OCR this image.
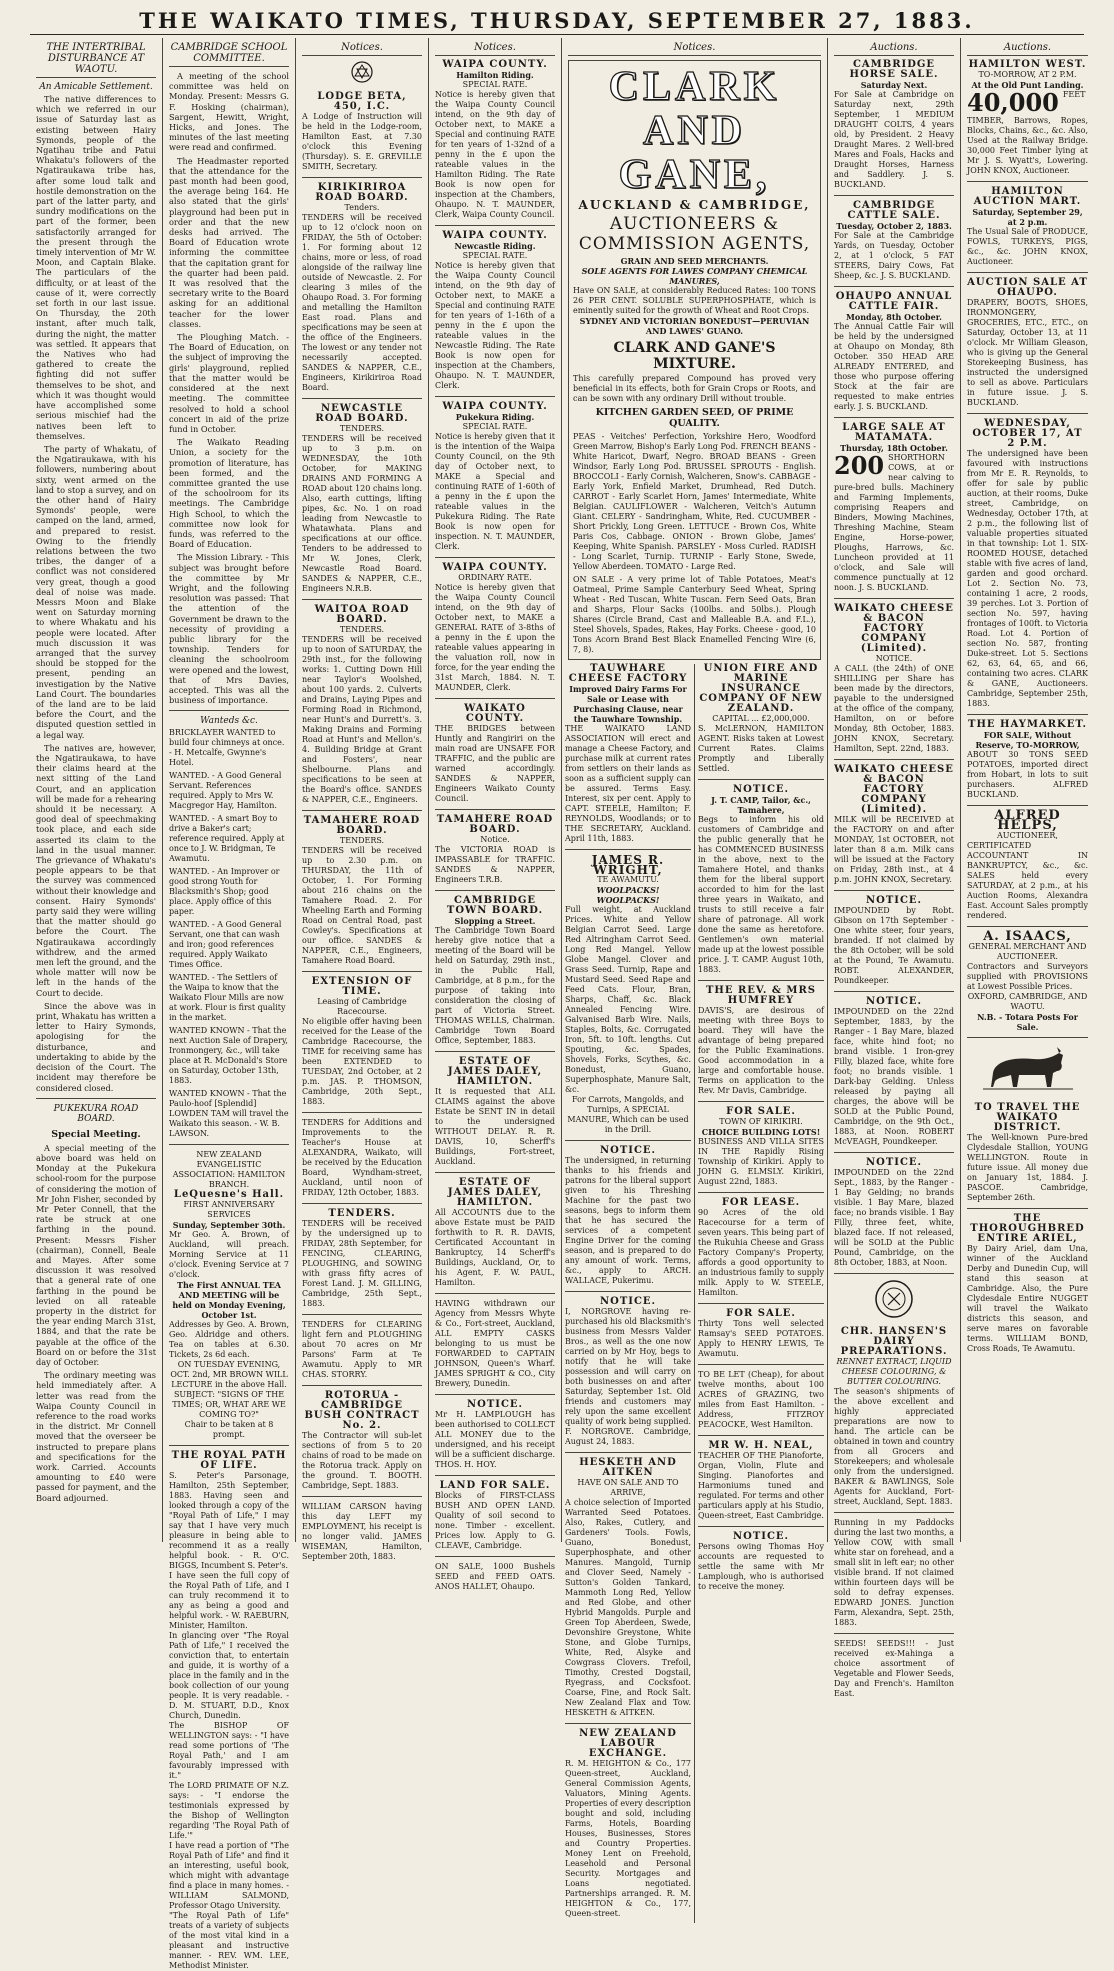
THE WAIKATO TIMES, THURSDAY, SEPTEMBER 27, 1883.
THE INTERTRIBAL DISTURBANCE AT WAOTU.
An Amicable Settlement.

The native differences to which we referred in our issue of Saturday last as existing between Hairy Symonds, people of the Ngatihau tribe and Patui Whakatu's followers of the Ngatiraukawa tribe has, after some loud talk and hostile demonstration on the part of the latter party, and sundry modifications on the part of the former, been satisfactorily arranged for the present through the timely intervention of Mr W. Moon, and Captain Blake. The particulars of the difficulty, or at least of the cause of it, were correctly set forth in our last issue. On Thursday, the 20th instant, after much talk, during the night, the matter was settled. It appears that the Natives who had gathered to create the fighting did not suffer themselves to be shot, and which it was thought would have accomplished some serious mischief had the natives been left to themselves.

The party of Whakatu, of the Ngatiraukawa, with his followers, numbering about sixty, went armed on the land to stop a survey, and on the other hand of Hairy Symonds' people, were camped on the land, armed, and prepared to resist. Owing to the friendly relations between the two tribes, the danger of a conflict was not considered very great, though a good deal of noise was made. Messrs Moon and Blake went on Saturday morning to where Whakatu and his people were located. After much discussion it was arranged that the survey should be stopped for the present, pending an investigation by the Native Land Court. The boundaries of the land are to be laid before the Court, and the disputed question settled in a legal way.

The natives are, however, the Ngatiraukawa, to have their claims heard at the next sitting of the Land Court, and an application will be made for a rehearing should it be necessary. A good deal of speechmaking took place, and each side asserted its claim to the land in the usual manner. The grievance of Whakatu's people appears to be that the survey was commenced without their knowledge and consent. Hairy Symonds' party said they were willing that the matter should go before the Court. The Ngatiraukawa accordingly withdrew, and the armed men left the ground, and the whole matter will now be left in the hands of the Court to decide.

Since the above was in print, Whakatu has written a letter to Hairy Symonds, apologising for the disturbance, and undertaking to abide by the decision of the Court. The incident may therefore be considered closed.

PUKEKURA ROAD BOARD.
Special Meeting.

A special meeting of the above board was held on Monday at the Pukekura school-room for the purpose of considering the motion of Mr John Fisher, seconded by Mr Peter Connell, that the rate be struck at one farthing in the pound. Present: Messrs Fisher (chairman), Connell, Beale and Mayes. After some discussion it was resolved that a general rate of one farthing in the pound be levied on all rateable property in the district for the year ending March 31st, 1884, and that the rate be payable at the office of the Board on or before the 31st day of October.

The ordinary meeting was held immediately after. A letter was read from the Waipa County Council in reference to the road works in the district. Mr Connell moved that the overseer be instructed to prepare plans and specifications for the work. Carried. Accounts amounting to £40 were passed for payment, and the Board adjourned.

CAMBRIDGE SCHOOL COMMITTEE.

A meeting of the school committee was held on Monday. Present: Messrs G. F. Hosking (chairman), Sargent, Hewitt, Wright, Hicks, and Jones. The minutes of the last meeting were read and confirmed.

The Headmaster reported that the attendance for the past month had been good, the average being 164. He also stated that the girls' playground had been put in order and that the new desks had arrived. The Board of Education wrote informing the committee that the capitation grant for the quarter had been paid. It was resolved that the secretary write to the Board asking for an additional teacher for the lower classes.

The Ploughing Match. - The Board of Education, on the subject of improving the girls' playground, replied that the matter would be considered at the next meeting. The committee resolved to hold a school concert in aid of the prize fund in October.

The Waikato Reading Union, a society for the promotion of literature, has been formed, and the committee granted the use of the schoolroom for its meetings. The Cambridge High School, to which the committee now look for funds, was referred to the Board of Education.

The Mission Library. - This subject was brought before the committee by Mr Wright, and the following resolution was passed: That the attention of the Government be drawn to the necessity of providing a public library for the township. Tenders for cleaning the schoolroom were opened and the lowest, that of Mrs Davies, accepted. This was all the business of importance.

Wanteds &c.

BRICKLAYER WANTED to build four chimneys at once. - H. Metcalfe, Gwynne's Hotel.

WANTED. - A Good General Servant. References required. Apply to Mrs W. Macgregor Hay, Hamilton.

WANTED. - A smart Boy to drive a Baker's cart; reference required. Apply at once to J. W. Bridgman, Te Awamutu.

WANTED. - An Improver or good strong Youth for Blacksmith's Shop; good place. Apply office of this paper.

WANTED. - A Good General Servant, one that can wash and iron; good references required. Apply Waikato Times Office.

WANTED. - The Settlers of the Waipa to know that the Waikato Flour Mills are now at work. Flour is first quality in the market.

WANTED KNOWN - That the next Auction Sale of Drapery, Ironmongery, &c., will take place at R. McDonald's Store on Saturday, October 13th, 1883.

WANTED KNOWN - That the Paulo-hoof [Splendid] LOWDEN TAM will travel the Waikato this season. - W. B. LAWSON.

NEW ZEALAND EVANGELISTIC ASSOCIATION: HAMILTON BRANCH.
LeQuesne's Hall.
FIRST ANNIVERSARY SERVICES
Sunday, September 30th.
Mr Geo. A. Brown, of Auckland, will preach. Morning Service at 11 o'clock. Evening Service at 7 o'clock.
The First ANNUAL TEA AND MEETING will be held on Monday Evening, October 1st.
Addresses by Geo. A. Brown, Geo. Aldridge and others. Tea on tables at 6.30. Tickets, 2s 6d each.
ON TUESDAY EVENING, OCT. 2nd, MR BROWN WILL LECTURE in the above Hall.
SUBJECT: "SIGNS OF THE TIMES; OR, WHAT ARE WE COMING TO?"
Chair to be taken at 8 prompt.
THE ROYAL PATH OF LIFE.
S. Peter's Parsonage, Hamilton, 25th September, 1883. Having seen and looked through a copy of the "Royal Path of Life," I may say that I have very much pleasure in being able to recommend it as a really helpful book. - R. O'C. BIGGS, Incumbent S. Peter's.
I have seen the full copy of the Royal Path of Life, and I can truly recommend it to any as being a good and helpful work. - W. RAEBURN, Minister, Hamilton.
In glancing over "The Royal Path of Life," I received the conviction that, to entertain and guide, it is worthy of a place in the family and in the book collection of our young people. It is very readable. - D. M. STUART, D.D., Knox Church, Dunedin.
The BISHOP OF WELLINGTON says: - "I have read some portions of 'The Royal Path,' and I am favourably impressed with it."
The LORD PRIMATE OF N.Z. says: - "I endorse the testimonials expressed by the Bishop of Wellington regarding 'The Royal Path of Life.'"
I have read a portion of "The Royal Path of Life" and find it an interesting, useful book, which might with advantage find a place in many homes. - WILLIAM SALMOND, Professor Otago University.
"The Royal Path of Life" treats of a variety of subjects of the most vital kind in a pleasant and instructive manner. - REV. WM. LEE, Methodist Minister.
Notices.
LODGE BETA, 450, I.C.
A Lodge of Instruction will be held in the Lodge-room, Hamilton East, at 7.30 o'clock this Evening (Thursday). S. E. GREVILLE SMITH, Secretary.
KIRIKIRIROA ROAD BOARD.
Tenders.
TENDERS will be received up to 12 o'clock noon on FRIDAY, the 5th of October: 1. For forming about 12 chains, more or less, of road alongside of the railway line outside of Newcastle. 2. For clearing 3 miles of the Ohaupo Road. 3. For forming and metalling the Hamilton East road. Plans and specifications may be seen at the office of the Engineers. The lowest or any tender not necessarily accepted. SANDES & NAPPER, C.E., Engineers, Kirikiriroa Road Board.
NEWCASTLE ROAD BOARD.
TENDERS.
TENDERS will be received up to 3 p.m. on WEDNESDAY, the 10th October, for MAKING DRAINS AND FORMING A ROAD about 120 chains long. Also, earth cuttings, lifting pipes, &c. No. 1 on road leading from Newcastle to Whatawhata. Plans and specifications at our office. Tenders to be addressed to Mr W. Jones, Clerk, Newcastle Road Board. SANDES & NAPPER, C.E., Engineers N.R.B.
WAITOA ROAD BOARD.
TENDERS.
TENDERS will be received up to noon of SATURDAY, the 29th inst., for the following works: 1. Cutting Down Hill near Taylor's Woolshed, about 100 yards. 2. Culverts and Drains, Laying Pipes and Forming Road in Richmond, near Hunt's and Durrett's. 3. Making Drains and Forming Road at Hunt's and Mellon's. 4. Building Bridge at Grant and Fosters', near Shelbourne. Plans and specifications to be seen at the Board's office. SANDES & NAPPER, C.E., Engineers.
TAMAHERE ROAD BOARD.
TENDERS.
TENDERS will be received up to 2.30 p.m. on THURSDAY, the 11th of October, 1. For Forming about 216 chains on the Tamahere Road. 2. For Wheeling Earth and Forming Road on Central Road, past Cowley's. Specifications at our office. SANDES & NAPPER, C.E., Engineers, Tamahere Road Board.
EXTENSION OF TIME.
Leasing of Cambridge Racecourse.
No eligible offer having been received for the Lease of the Cambridge Racecourse, the TIME for receiving same has been EXTENDED to TUESDAY, 2nd October, at 2 p.m. JAS. P. THOMSON, Cambridge, 20th Sept., 1883.
TENDERS for Additions and Improvements to the Teacher's House at ALEXANDRA, Waikato, will be received by the Education Board, Wyndham-street, Auckland, until noon of FRIDAY, 12th October, 1883.
TENDERS.
TENDERS will be received by the undersigned up to FRIDAY, 28th September, for FENCING, CLEARING, PLOUGHING, and SOWING with grass fifty acres of Forest Land. J. M. GILLING, Cambridge, 25th Sept., 1883.
TENDERS for CLEARING light fern and PLOUGHING about 70 acres on Mr Parsons' Farm at Te Awamutu. Apply to MR CHAS. STORRY.
ROTORUA - CAMBRIDGE BUSH CONTRACT No. 2.
The Contractor will sub-let sections of from 5 to 20 chains of road to be made on the Rotorua track. Apply on the ground. T. BOOTH. Cambridge, Sept. 1883.
WILLIAM CARSON having this day LEFT my EMPLOYMENT, his receipt is no longer valid. JAMES WISEMAN, Hamilton, September 20th, 1883.
Notices.
WAIPA COUNTY.
Hamilton Riding.
SPECIAL RATE.
Notice is hereby given that the Waipa County Council intend, on the 9th day of October next, to MAKE a Special and continuing RATE for ten years of 1-32nd of a penny in the £ upon the rateable values in the Hamilton Riding. The Rate Book is now open for inspection at the Chambers, Ohaupo. N. T. MAUNDER, Clerk, Waipa County Council.
WAIPA COUNTY.
Newcastle Riding.
SPECIAL RATE.
Notice is hereby given that the Waipa County Council intend, on the 9th day of October next, to MAKE a Special and continuing RATE for ten years of 1-16th of a penny in the £ upon the rateable values in the Newcastle Riding. The Rate Book is now open for inspection at the Chambers, Ohaupo. N. T. MAUNDER, Clerk.
WAIPA COUNTY.
Pukekura Riding.
SPECIAL RATE.
Notice is hereby given that it is the intention of the Waipa County Council, on the 9th day of October next, to MAKE a Special and continuing RATE of 1-60th of a penny in the £ upon the rateable values in the Pukekura Riding. The Rate Book is now open for inspection. N. T. MAUNDER, Clerk.
WAIPA COUNTY.
ORDINARY RATE.
Notice is hereby given that the Waipa County Council intend, on the 9th day of October next, to MAKE a GENERAL RATE of 3-8ths of a penny in the £ upon the rateable values appearing in the valuation roll, now in force, for the year ending the 31st March, 1884. N. T. MAUNDER, Clerk.
WAIKATO COUNTY.
THE BRIDGES between Huntly and Rangiriri on the main road are UNSAFE FOR TRAFFIC, and the public are warned accordingly. SANDES & NAPPER, Engineers Waikato County Council.
TAMAHERE ROAD BOARD.
Notice.
The VICTORIA ROAD is IMPASSABLE for TRAFFIC. SANDES & NAPPER, Engineers T.R.B.
CAMBRIDGE TOWN BOARD.
Slopping a Street.
The Cambridge Town Board hereby give notice that a meeting of the Board will be held on Saturday, 29th inst., in the Public Hall, Cambridge, at 8 p.m., for the purpose of taking into consideration the closing of part of Victoria Street. THOMAS WELLS, Chairman. Cambridge Town Board Office, September, 1883.
ESTATE OF JAMES DALEY, HAMILTON.
It is requested that ALL CLAIMS against the above Estate be SENT IN in detail to the undersigned WITHOUT DELAY. R. R. DAVIS, 10, Scherff's Buildings, Fort-street, Auckland.
ESTATE OF JAMES DALEY, HAMILTON.
All ACCOUNTS due to the above Estate must be PAID forthwith to R. R. DAVIS, Certificated Accountant in Bankruptcy, 14 Scherff's Buildings, Auckland, Or, to his Agent, F. W. PAUL, Hamilton.
HAVING withdrawn our Agency from Messrs Whyte & Co., Fort-street, Auckland, ALL EMPTY CASKS belonging to us must be FORWARDED to CAPTAIN JOHNSON, Queen's Wharf. JAMES SPRIGHT & CO., City Brewery, Dunedin.
NOTICE.
Mr H. LAMPLOUGH has been authorised to COLLECT ALL MONEY due to the undersigned, and his receipt will be a sufficient discharge. THOS. H. HOY.
LAND FOR SALE.
Blocks of FIRST-CLASS BUSH AND OPEN LAND. Quality of soil second to none. Timber - excellent. Prices low. Apply to G. CLEAVE, Cambridge.
ON SALE, 1000 Bushels SEED and FEED OATS. ANOS HALLET, Ohaupo.
Notices.
CLARK AND GANE,
AUCKLAND & CAMBRIDGE,
AUCTIONEERS & COMMISSION AGENTS,
GRAIN AND SEED MERCHANTS.
SOLE AGENTS FOR LAWES COMPANY CHEMICAL MANURES,
Have ON SALE, at considerably Reduced Rates: 100 TONS 26 PER CENT. SOLUBLE SUPERPHOSPHATE, which is eminently suited for the growth of Wheat and Root Crops.
SYDNEY AND VICTORIAN BONEDUST—PERUVIAN AND LAWES' GUANO.
CLARK AND GANE'S MIXTURE.
This carefully prepared Compound has proved very beneficial in its effects, both for Grain Crops or Roots, and can be sown with any ordinary Drill without trouble.
KITCHEN GARDEN SEED, OF PRIME QUALITY.
PEAS - Veitches' Perfection, Yorkshire Hero, Woodford Green Marrow, Bishop's Early Long Pod. FRENCH BEANS - White Haricot, Dwarf, Negro. BROAD BEANS - Green Windsor, Early Long Pod. BRUSSEL SPROUTS - English. BROCCOLI - Early Cornish, Walcheren, Snow's. CABBAGE - Early York, Enfield Market, Drumhead, Red Dutch. CARROT - Early Scarlet Horn, James' Intermediate, White Belgian. CAULIFLOWER - Walcheren, Veitch's Autumn Giant. CELERY - Sandringham, White, Red. CUCUMBER - Short Prickly, Long Green. LETTUCE - Brown Cos, White Paris Cos, Cabbage. ONION - Brown Globe, James' Keeping, White Spanish. PARSLEY - Moss Curled. RADISH - Long Scarlet, Turnip. TURNIP - Early Stone, Swede, Yellow Aberdeen. TOMATO - Large Red.
ON SALE - A very prime lot of Table Potatoes, Meat's Oatmeal, Prime Sample Canterbury Seed Wheat, Spring Wheat - Red Tuscan, White Tuscan. Fern Seed Oats, Bran and Sharps, Flour Sacks (100lbs. and 50lbs.). Plough Shares (Circle Brand, Cast and Malleable B.A. and F.L.), Steel Shovels, Spades, Rakes, Hay Forks. Cheese - good, 10 Tons Acorn Brand Best Black Enamelled Fencing Wire (6, 7, 8).
TAUWHARE CHEESE FACTORY
Improved Dairy Farms For Sale or Lease with Purchasing Clause, near the Tauwhare Township.
THE WAIKATO LAND ASSOCIATION will erect and manage a Cheese Factory, and purchase milk at current rates from settlers on their lands as soon as a sufficient supply can be assured. Terms Easy. Interest, six per cent. Apply to CAPT. STEELE, Hamilton; F. REYNOLDS, Woodlands; or to THE SECRETARY, Auckland. April 11th, 1883.
JAMES R. WRIGHT,
TE AWAMUTU.
WOOLPACKS! WOOLPACKS!
Full weight, at Auckland Prices. White and Yellow Belgian Carrot Seed. Large Red Altringham Carrot Seed. Long Red Mangel. Yellow Globe Mangel. Clover and Grass Seed. Turnip, Rape and Mustard Seed. Seed Rape and Feed Cats. Flour, Bran, Sharps, Chaff, &c. Black Annealed Fencing Wire. Galvanised Barb Wire. Nails, Staples, Bolts, &c. Corrugated Iron, 5ft. to 10ft. lengths. Cut Spouting, &c. Spades, Shovels, Forks, Scythes, &c. Bonedust, Guano, Superphosphate, Manure Salt, &c.
For Carrots, Mangolds, and Turnips, A SPECIAL MANURE, Which can be used in the Drill.
NOTICE.
The undersigned, in returning thanks to his friends and patrons for the liberal support given to his Threshing Machine for the past two seasons, begs to inform them that he has secured the services of a competent Engine Driver for the coming season, and is prepared to do any amount of work. Terms, &c., apply to ARCH. WALLACE, Pukerimu.
NOTICE.
I, NORGROVE having re-purchased his old Blacksmith's business from Messrs Valder Bros., as well as the one now carried on by Mr Hoy, begs to notify that he will take possession and will carry on both businesses on and after Saturday, September 1st. Old friends and customers may rely upon the same excellent quality of work being supplied. F. NORGROVE. Cambridge, August 24, 1883.
HESKETH AND AITKEN
HAVE ON SALE AND TO ARRIVE,
A choice selection of Imported Warranted Seed Potatoes. Also, Rakes, Cutlery, and Gardeners' Tools. Fowls, Guano, Bonedust, Superphosphate, and other Manures. Mangold, Turnip and Clover Seed, Namely - Sutton's Golden Tankard, Mammoth Long Red, Yellow and Red Globe, and other Hybrid Mangolds. Purple and Green Top Aberdeen, Swede, Devonshire Greystone, White Stone, and Globe Turnips, White, Red, Alsyke and Cowgrass Clovers. Trefoil, Timothy, Crested Dogstail, Ryegrass, and Cocksfoot. Coarse, Fine, and Rock Salt. New Zealand Flax and Tow. HESKETH & AITKEN.
NEW ZEALAND LABOUR EXCHANGE.
R. M. HEIGHTON & Co., 177 Queen-street, Auckland, General Commission Agents, Valuators, Mining Agents. Properties of every description bought and sold, including Farms, Hotels, Boarding Houses, Businesses, Stores and Country Properties. Money Lent on Freehold, Leasehold and Personal Security. Mortgages and Loans negotiated. Partnerships arranged. R. M. HEIGHTON & Co., 177, Queen-street.
UNION FIRE AND MARINE INSURANCE COMPANY OF NEW ZEALAND.
CAPITAL ... £2,000,000.
S. McLERNON, HAMILTON AGENT. Risks taken at Lowest Current Rates. Claims Promptly and Liberally Settled.
NOTICE.
J. T. CAMP, Tailor, &c., Tamahere,
Begs to inform his old customers of Cambridge and the public generally that he has COMMENCED BUSINESS in the above, next to the Tamahere Hotel, and thanks them for the liberal support accorded to him for the last three years in Waikato, and trusts to still receive a fair share of patronage. All work done the same as heretofore. Gentlemen's own material made up at the lowest possible price. J. T. CAMP. August 10th, 1883.
THE REV. & MRS HUMFREY
DAVIS'S, are desirous of meeting with three Boys to board. They will have the advantage of being prepared for the Public Examinations. Good accommodation in a large and comfortable house. Terms on application to the Rev. Mr Davis, Cambridge.
FOR SALE.
TOWN OF KIRIKIRI.
CHOICE BUILDING LOTS!
BUSINESS AND VILLA SITES IN THE Rapidly Rising Township of Kirikiri. Apply to JOHN G. ELMSLY. Kirikiri, August 22nd, 1883.
FOR LEASE.
90 Acres of the old Racecourse for a term of seven years. This being part of the Rukuhia Cheese and Grass Factory Company's Property, affords a good opportunity to an industrious family to supply milk. Apply to W. STEELE, Hamilton.
FOR SALE.
Thirty Tons well selected Ramsay's SEED POTATOES. Apply to HENRY LEWIS, Te Awamutu.
TO BE LET (Cheap), for about twelve months, about 100 ACRES of GRAZING, two miles from East Hamilton. - Address, FITZROY PEACOCKE, West Hamilton.
MR W. H. NEAL,
TEACHER OF THE Pianoforte, Organ, Violin, Flute and Singing. Pianofortes and Harmoniums tuned and regulated. For terms and other particulars apply at his Studio, Queen-street, East Cambridge.
NOTICE.
Persons owing Thomas Hoy accounts are requested to settle the same with Mr Lamplough, who is authorised to receive the money.
Auctions.
CAMBRIDGE HORSE SALE.
Saturday Next.
For Sale at Cambridge on Saturday next, 29th September, 1 MEDIUM DRAUGHT COLTS, 4 years old, by President. 2 Heavy Draught Mares. 2 Well-bred Mares and Foals, Hacks and Draught Horses, Harness and Saddlery. J. S. BUCKLAND.
CAMBRIDGE CATTLE SALE.
Tuesday, October 2, 1883.
For Sale at the Cambridge Yards, on Tuesday, October 2, at 1 o'clock, 5 FAT STEERS, Dairy Cows, Fat Sheep, &c. J. S. BUCKLAND.
OHAUPO ANNUAL CATTLE FAIR.
Monday, 8th October.
The Annual Cattle Fair will be held by the undersigned at Ohaupo on Monday, 8th October. 350 HEAD ARE ALREADY ENTERED, and those who purpose offering Stock at the fair are requested to make entries early. J. S. BUCKLAND.
LARGE SALE AT MATAMATA.
Thursday, 18th October.
200 SHORTHORN COWS, at or near calving to pure-bred bulls. Machinery and Farming Implements, comprising Reapers and Binders, Mowing Machines, Threshing Machine, Steam Engine, Horse-power, Ploughs, Harrows, &c. Luncheon provided at 11 o'clock, and Sale will commence punctually at 12 noon. J. S. BUCKLAND.
WAIKATO CHEESE & BACON FACTORY COMPANY (Limited).
NOTICE.
A CALL (the 24th) of ONE SHILLING per Share has been made by the directors, payable to the undersigned at the office of the company, Hamilton, on or before Monday, 8th October, 1883. JOHN KNOX, Secretary. Hamilton, Sept. 22nd, 1883.
WAIKATO CHEESE & BACON FACTORY COMPANY (Limited).
MILK will be RECEIVED at the FACTORY on and after MONDAY, 1st OCTOBER, not later than 8 a.m. Milk cans will be issued at the Factory on Friday, 28th inst., at 4 p.m. JOHN KNOX, Secretary.
NOTICE.
IMPOUNDED by Robt. Gibson on 17th September - One white steer, four years, branded. If not claimed by the 8th October, will be sold at the Pound, Te Awamutu. ROBT. ALEXANDER, Poundkeeper.
NOTICE.
IMPOUNDED on the 22nd September, 1883, by the Ranger - 1 Bay Mare, blazed face, white hind foot; no brand visible. 1 Iron-grey Filly, blazed face, white fore foot; no brands visible. 1 Dark-bay Gelding. Unless released by paying all charges, the above will be SOLD at the Public Pound, Cambridge, on the 9th Oct., 1883, at Noon. ROBERT McVEAGH, Poundkeeper.
NOTICE.
IMPOUNDED on the 22nd Sept., 1883, by the Ranger - 1 Bay Gelding; no brands visible. 1 Bay Mare, blazed face; no brands visible. 1 Bay Filly, three feet, white, blazed face. If not released, will be SOLD at the Public Pound, Cambridge, on the 8th October, 1883, at Noon.
CHR. HANSEN'S DAIRY PREPARATIONS.
RENNET EXTRACT, LIQUID CHEESE COLOURING, & BUTTER COLOURING.
The season's shipments of the above excellent and highly appreciated preparations are now to hand. The article can be obtained in town and country from all Grocers and Storekeepers; and wholesale only from the undersigned. BAKER & BAWLINGS, Sole Agents for Auckland, Fort-street, Auckland, Sept. 1883.
Running in my Paddocks during the last two months, a Yellow COW, with small white star on forehead, and a small slit in left ear; no other visible brand. If not claimed within fourteen days will be sold to defray expenses. EDWARD JONES. Junction Farm, Alexandra, Sept. 25th, 1883.
SEEDS! SEEDS!!! - Just received ex-Mahinga a choice assortment of Vegetable and Flower Seeds, Day and French's. Hamilton East.
Auctions.
HAMILTON WEST.
TO-MORROW, AT 2 P.M.
At the Old Punt Landing.
40,000 FEET TIMBER, Barrows, Ropes, Blocks, Chains, &c., &c. Also, Used at the Railway Bridge. 30,000 Feet Timber lying at Mr J. S. Wyatt's, Lowering. JOHN KNOX, Auctioneer.
HAMILTON AUCTION MART.
Saturday, September 29, at 2 p.m.
The Usual Sale of PRODUCE, FOWLS, TURKEYS, PIGS, &c., &c. JOHN KNOX, Auctioneer.
AUCTION SALE AT OHAUPO.
DRAPERY, BOOTS, SHOES, IRONMONGERY, GROCERIES, ETC., ETC., on Saturday, October 13, at 11 o'clock. Mr William Gleason, who is giving up the General Storekeeping Business, has instructed the undersigned to sell as above. Particulars in future issue. J. S. BUCKLAND.
WEDNESDAY, OCTOBER 17, AT 2 P.M.
The undersigned have been favoured with instructions from Mr E. R. Reynolds, to offer for sale by public auction, at their rooms, Duke street, Cambridge, on Wednesday, October 17th, at 2 p.m., the following list of valuable properties situated in that township: Lot 1. SIX-ROOMED HOUSE, detached stable with five acres of land, garden and good orchard. Lot 2. Section No. 73, containing 1 acre, 2 roods, 39 perches. Lot 3. Portion of section No. 597, having frontages of 100ft. to Victoria Road. Lot 4. Portion of section No. 587, fronting Duke-street. Lot 5. Sections 62, 63, 64, 65, and 66, containing two acres. CLARK & GANE, Auctioneers. Cambridge, September 25th, 1883.
THE HAYMARKET.
FOR SALE, Without Reserve, TO-MORROW,
ABOUT 30 TONS SEED POTATOES, imported direct from Hobart, in lots to suit purchasers. ALFRED BUCKLAND.
ALFRED HELPS,
AUCTIONEER,
CERTIFICATED ACCOUNTANT IN BANKRUPTCY, &c., &c. SALES held every SATURDAY, at 2 p.m., at his Auction Rooms, Alexandra East. Account Sales promptly rendered.
A. ISAACS,
GENERAL MERCHANT AND AUCTIONEER.
Contractors and Surveyors supplied with PROVISIONS at Lowest Possible Prices.
OXFORD, CAMBRIDGE, AND WAOTU.
N.B. - Totara Posts For Sale.
TO TRAVEL THE WAIKATO DISTRICT.
The Well-known Pure-bred Clydesdale Stallion, YOUNG WELLINGTON. Route in future issue. All money due on January 1st, 1884. J. PASCOE. Cambridge, September 26th.
THE THOROUGHBRED ENTIRE ARIEL,
By Dairy Ariel, dam Una, winner of the Auckland Derby and Dunedin Cup, will stand this season at Cambridge. Also, the Pure Clydesdale Entire NUGGET will travel the Waikato districts this season, and serve mares on favorable terms. WILLIAM BOND, Cross Roads, Te Awamutu.
